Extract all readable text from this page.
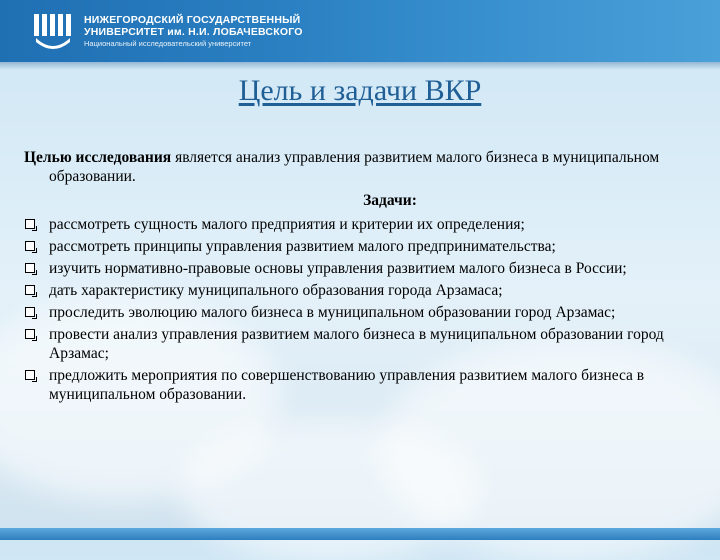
НИЖЕГОРОДСКИЙ ГОСУДАРСТВЕННЫЙ
УНИВЕРСИТЕТ им. Н.И. ЛОБАЧЕВСКОГО
Национальный исследовательский университет
Цель и задачи ВКР

Целью исследования является анализ управления развитием малого бизнеса в муниципальном образовании.

Задачи:
рассмотреть сущность малого предприятия и критерии их определения;
рассмотреть принципы управления развитием малого предпринимательства;
изучить нормативно-правовые основы управления развитием малого бизнеса в России;
дать характеристику муниципального образования города Арзамаса;
проследить эволюцию малого бизнеса в муниципальном образовании город Арзамас;
провести анализ управления развитием малого бизнеса в муниципальном образовании город Арзамас;
предложить мероприятия по совершенствованию управления развитием малого бизнеса в муниципальном образовании.
